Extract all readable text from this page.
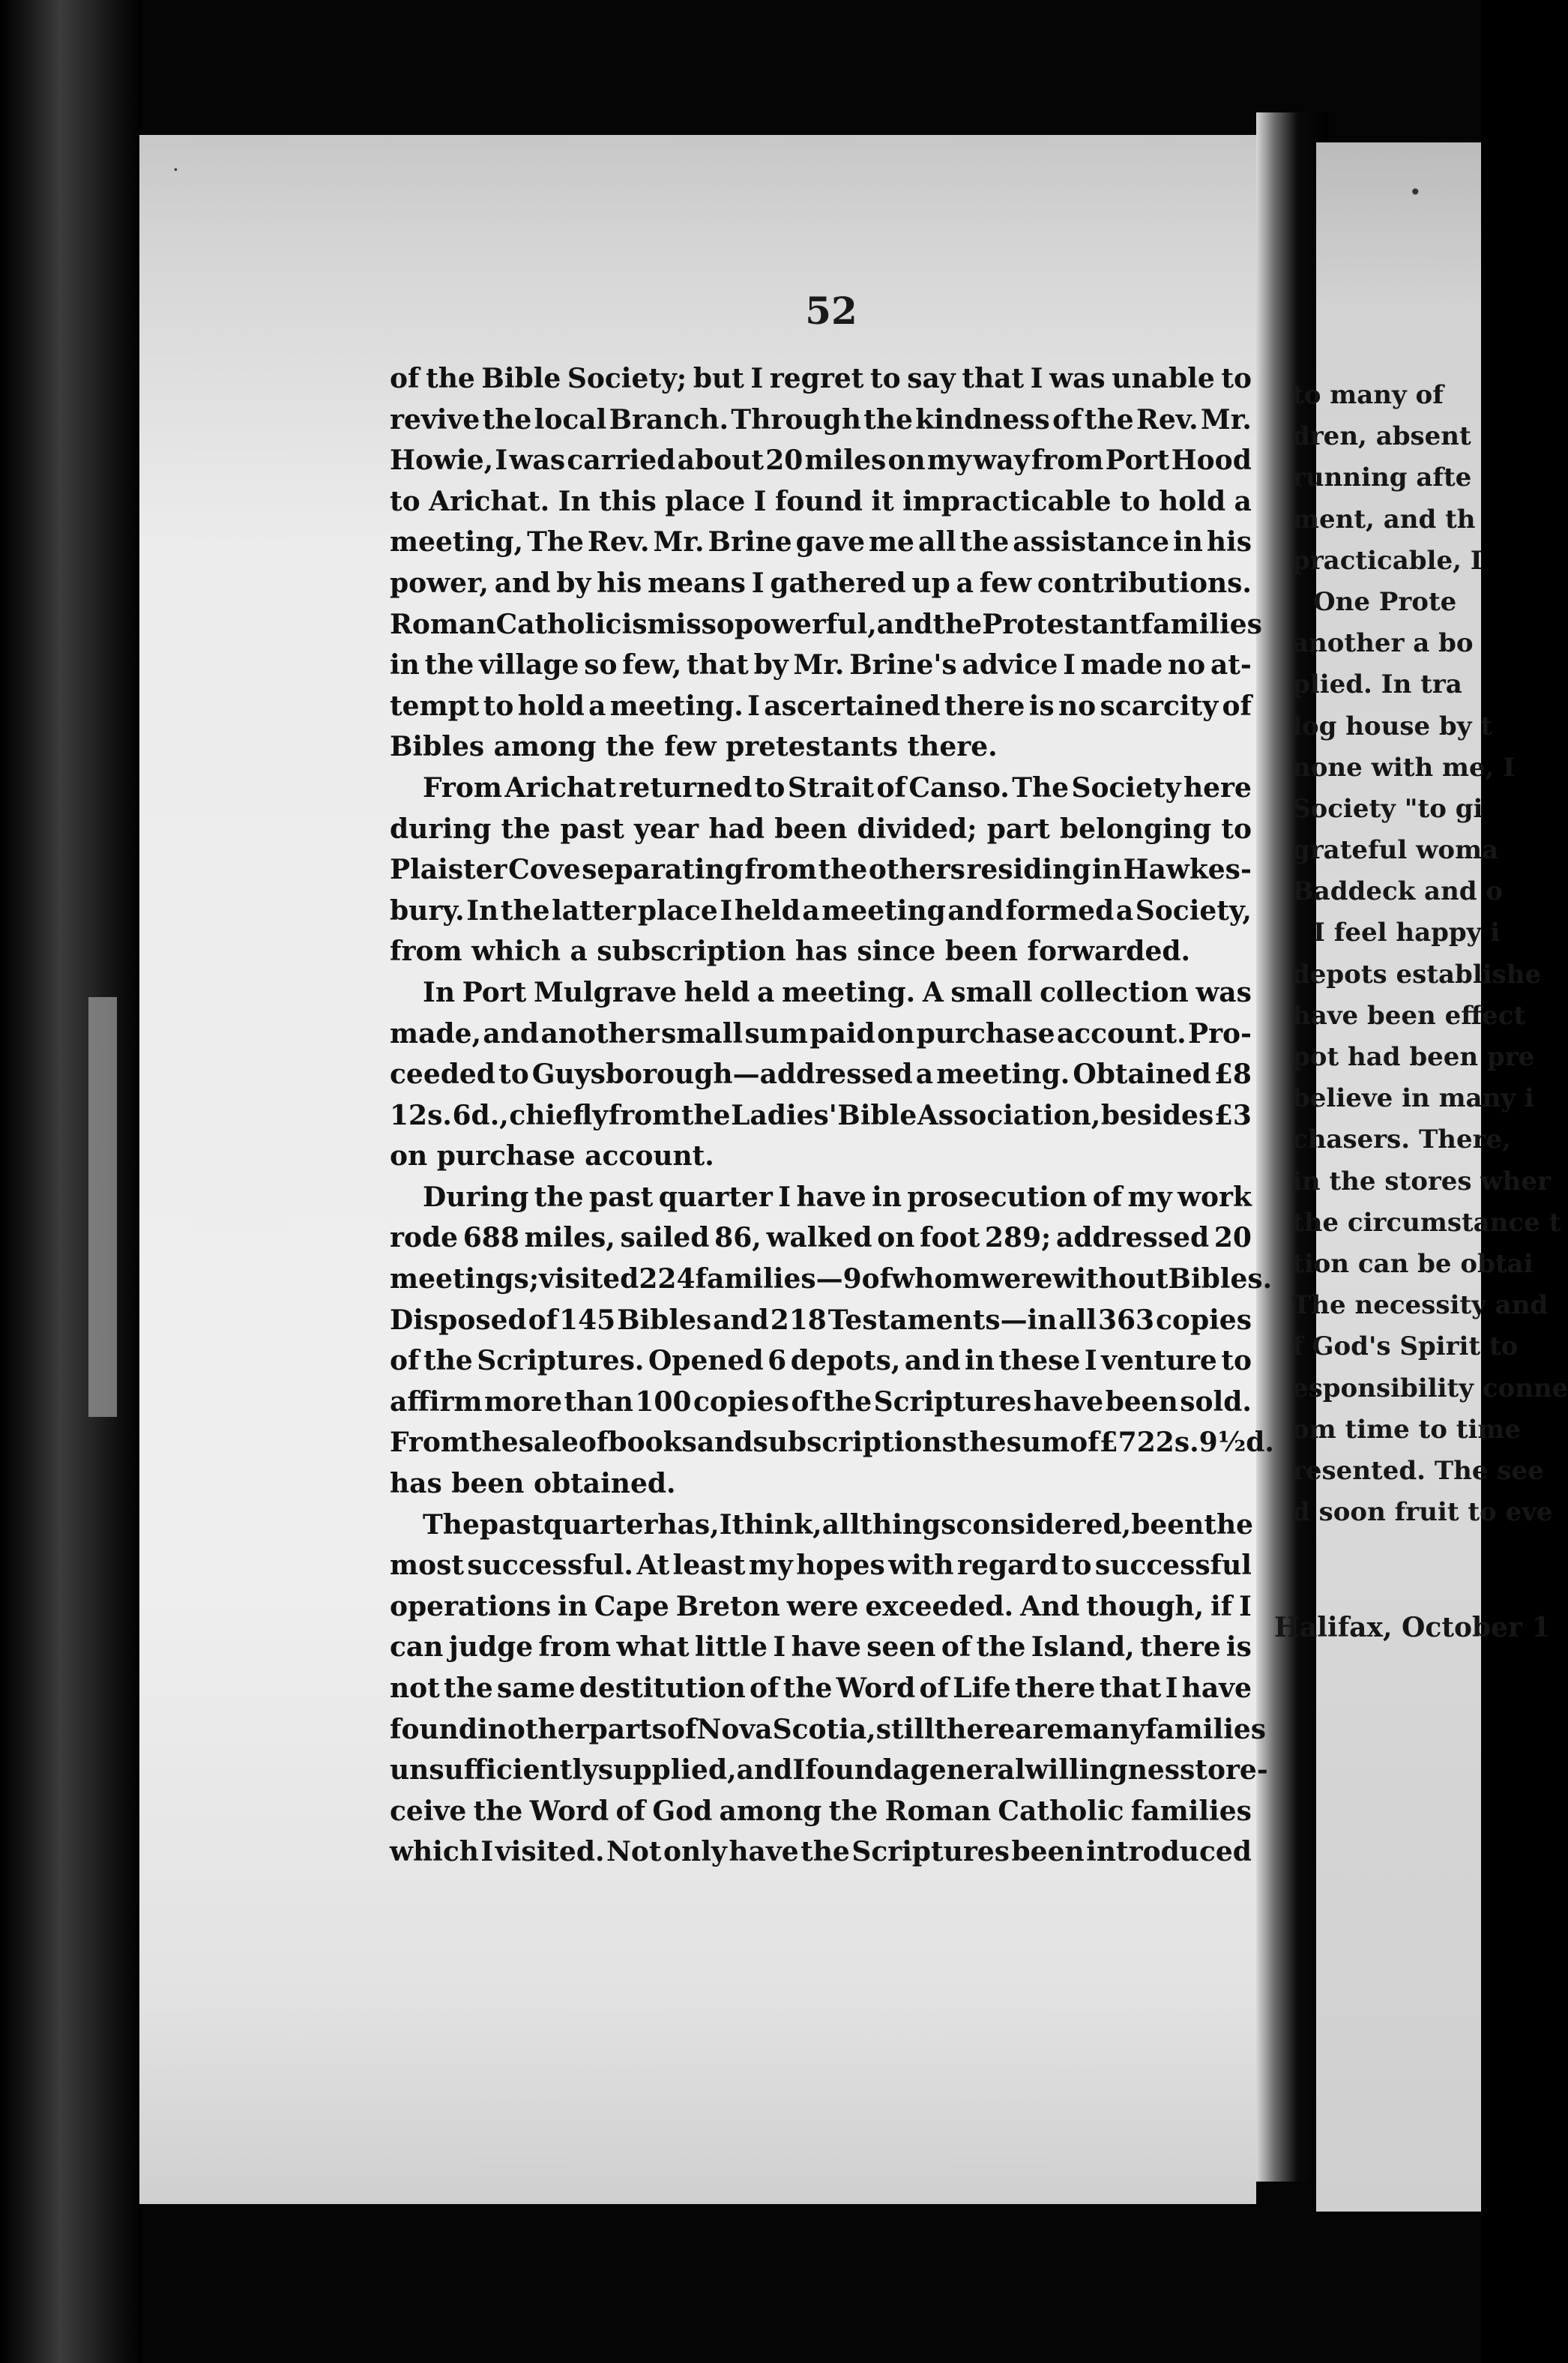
52
of the Bible Society; but I regret to say that I was unable to
revive the local Branch. Through the kindness of the Rev. Mr.
Howie, I was carried about 20 miles on my way from Port Hood
to Arichat. In this place I found it impracticable to hold a
meeting, The Rev. Mr. Brine gave me all the assistance in his
power, and by his means I gathered up a few contributions.
Roman Catholicism is so powerful, and the Protestant families
in the village so few, that by Mr. Brine's advice I made no at-
tempt to hold a meeting. I ascertained there is no scarcity of
Bibles among the few pretestants there.
From Arichat returned to Strait of Canso. The Society here
during the past year had been divided; part belonging to
Plaister Cove separating from the others residing in Hawkes-
bury. In the latter place I held a meeting and formed a Society,
from which a subscription has since been forwarded.
In Port Mulgrave held a meeting. A small collection was
made, and another small sum paid on purchase account. Pro-
ceeded to Guysborough—addressed a meeting. Obtained £8
12s. 6d., chiefly from the Ladies' Bible Association, besides £3
on purchase account.
During the past quarter I have in prosecution of my work
rode 688 miles, sailed 86, walked on foot 289; addressed 20
meetings; visited 224 families—9 of whom were without Bibles.
Disposed of 145 Bibles and 218 Testaments—in all 363 copies
of the Scriptures. Opened 6 depots, and in these I venture to
affirm more than 100 copies of the Scriptures have been sold.
From the sale of books and subscriptions the sum of £72 2s. 9½d.
has been obtained.
The past quarter has, I think, all things considered, been the
most successful. At least my hopes with regard to successful
operations in Cape Breton were exceeded. And though, if I
can judge from what little I have seen of the Island, there is
not the same destitution of the Word of Life there that I have
found in other parts of Nova Scotia, still there are many families
unsufficiently supplied, and I found a general willingness to re-
ceive the Word of God among the Roman Catholic families
which I visited. Not only have the Scriptures been introduced
to many of
dren, absent
running afte
ment, and th
practicable, I
One Prote
another a bo
plied. In tra
log house by t
none with me, I
Society "to gi
grateful woma
Baddeck and o
I feel happy i
depots establishe
have been effect
pot had been pre
believe in many i
chasers. There,
in the stores wher
the circumstance t
tion can be obtai
The necessity and
f God's Spirit to
esponsibility conne
om time to time
resented. The see
d soon fruit to eve
Halifax, October 1
·
•
